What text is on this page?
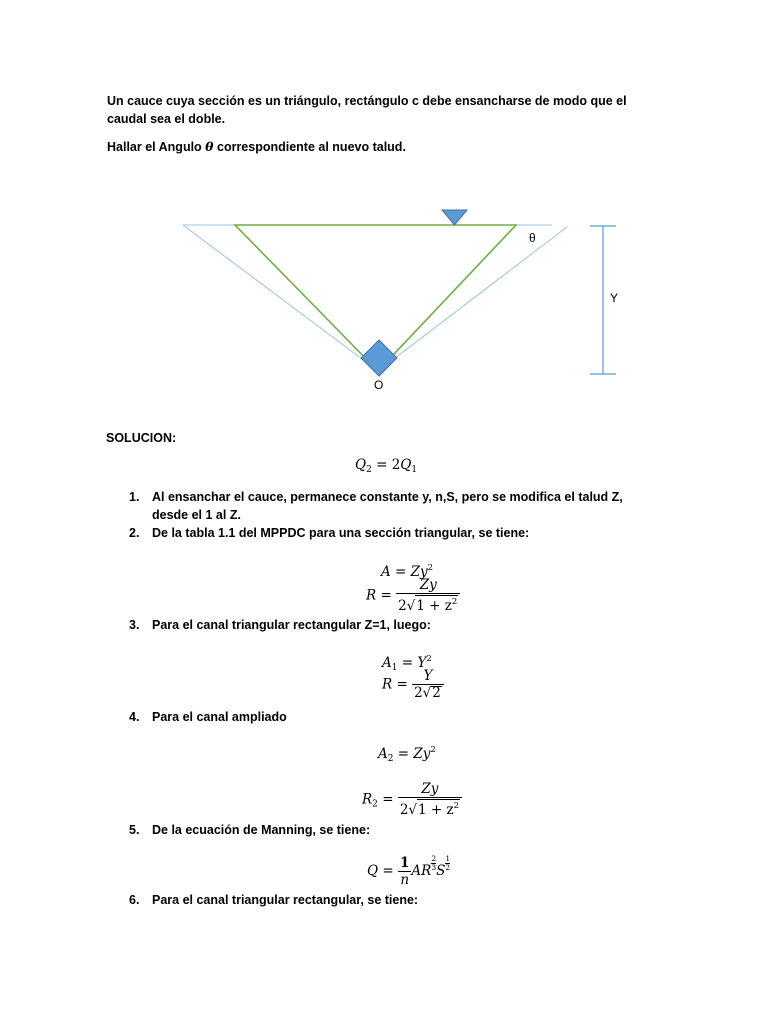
Un cauce cuya sección es un triángulo, rectángulo c debe ensancharse de modo que el caudal sea el doble.
Hallar el Angulo θ correspondiente al nuevo talud.
θ
Y
O
SOLUCION:
$Q_2 = 2Q_1$
1. Al ensanchar el cauce, permanece constante y, n,S, pero se modifica el talud Z, desde el 1 al Z.
2. De la tabla 1.1 del MPPDC para una sección triangular, se tiene:
$A = Zy^2$
$R = \frac{Zy}{2√1 + z^2}$
3. Para el canal triangular rectangular Z=1, luego:
$A_1 = Y^2$
$R = \frac{Y}{2√2}$
4. Para el canal ampliado
$A_2 = Zy^2$
$R_2 = \frac{Zy}{2√1 + z^2}$
5. De la ecuación de Manning, se tiene:
$Q = \frac{1}{n}$ AR $\frac{2}{3}$ S $\frac{1}{2}$
6. Para el canal triangular rectangular, se tiene:
